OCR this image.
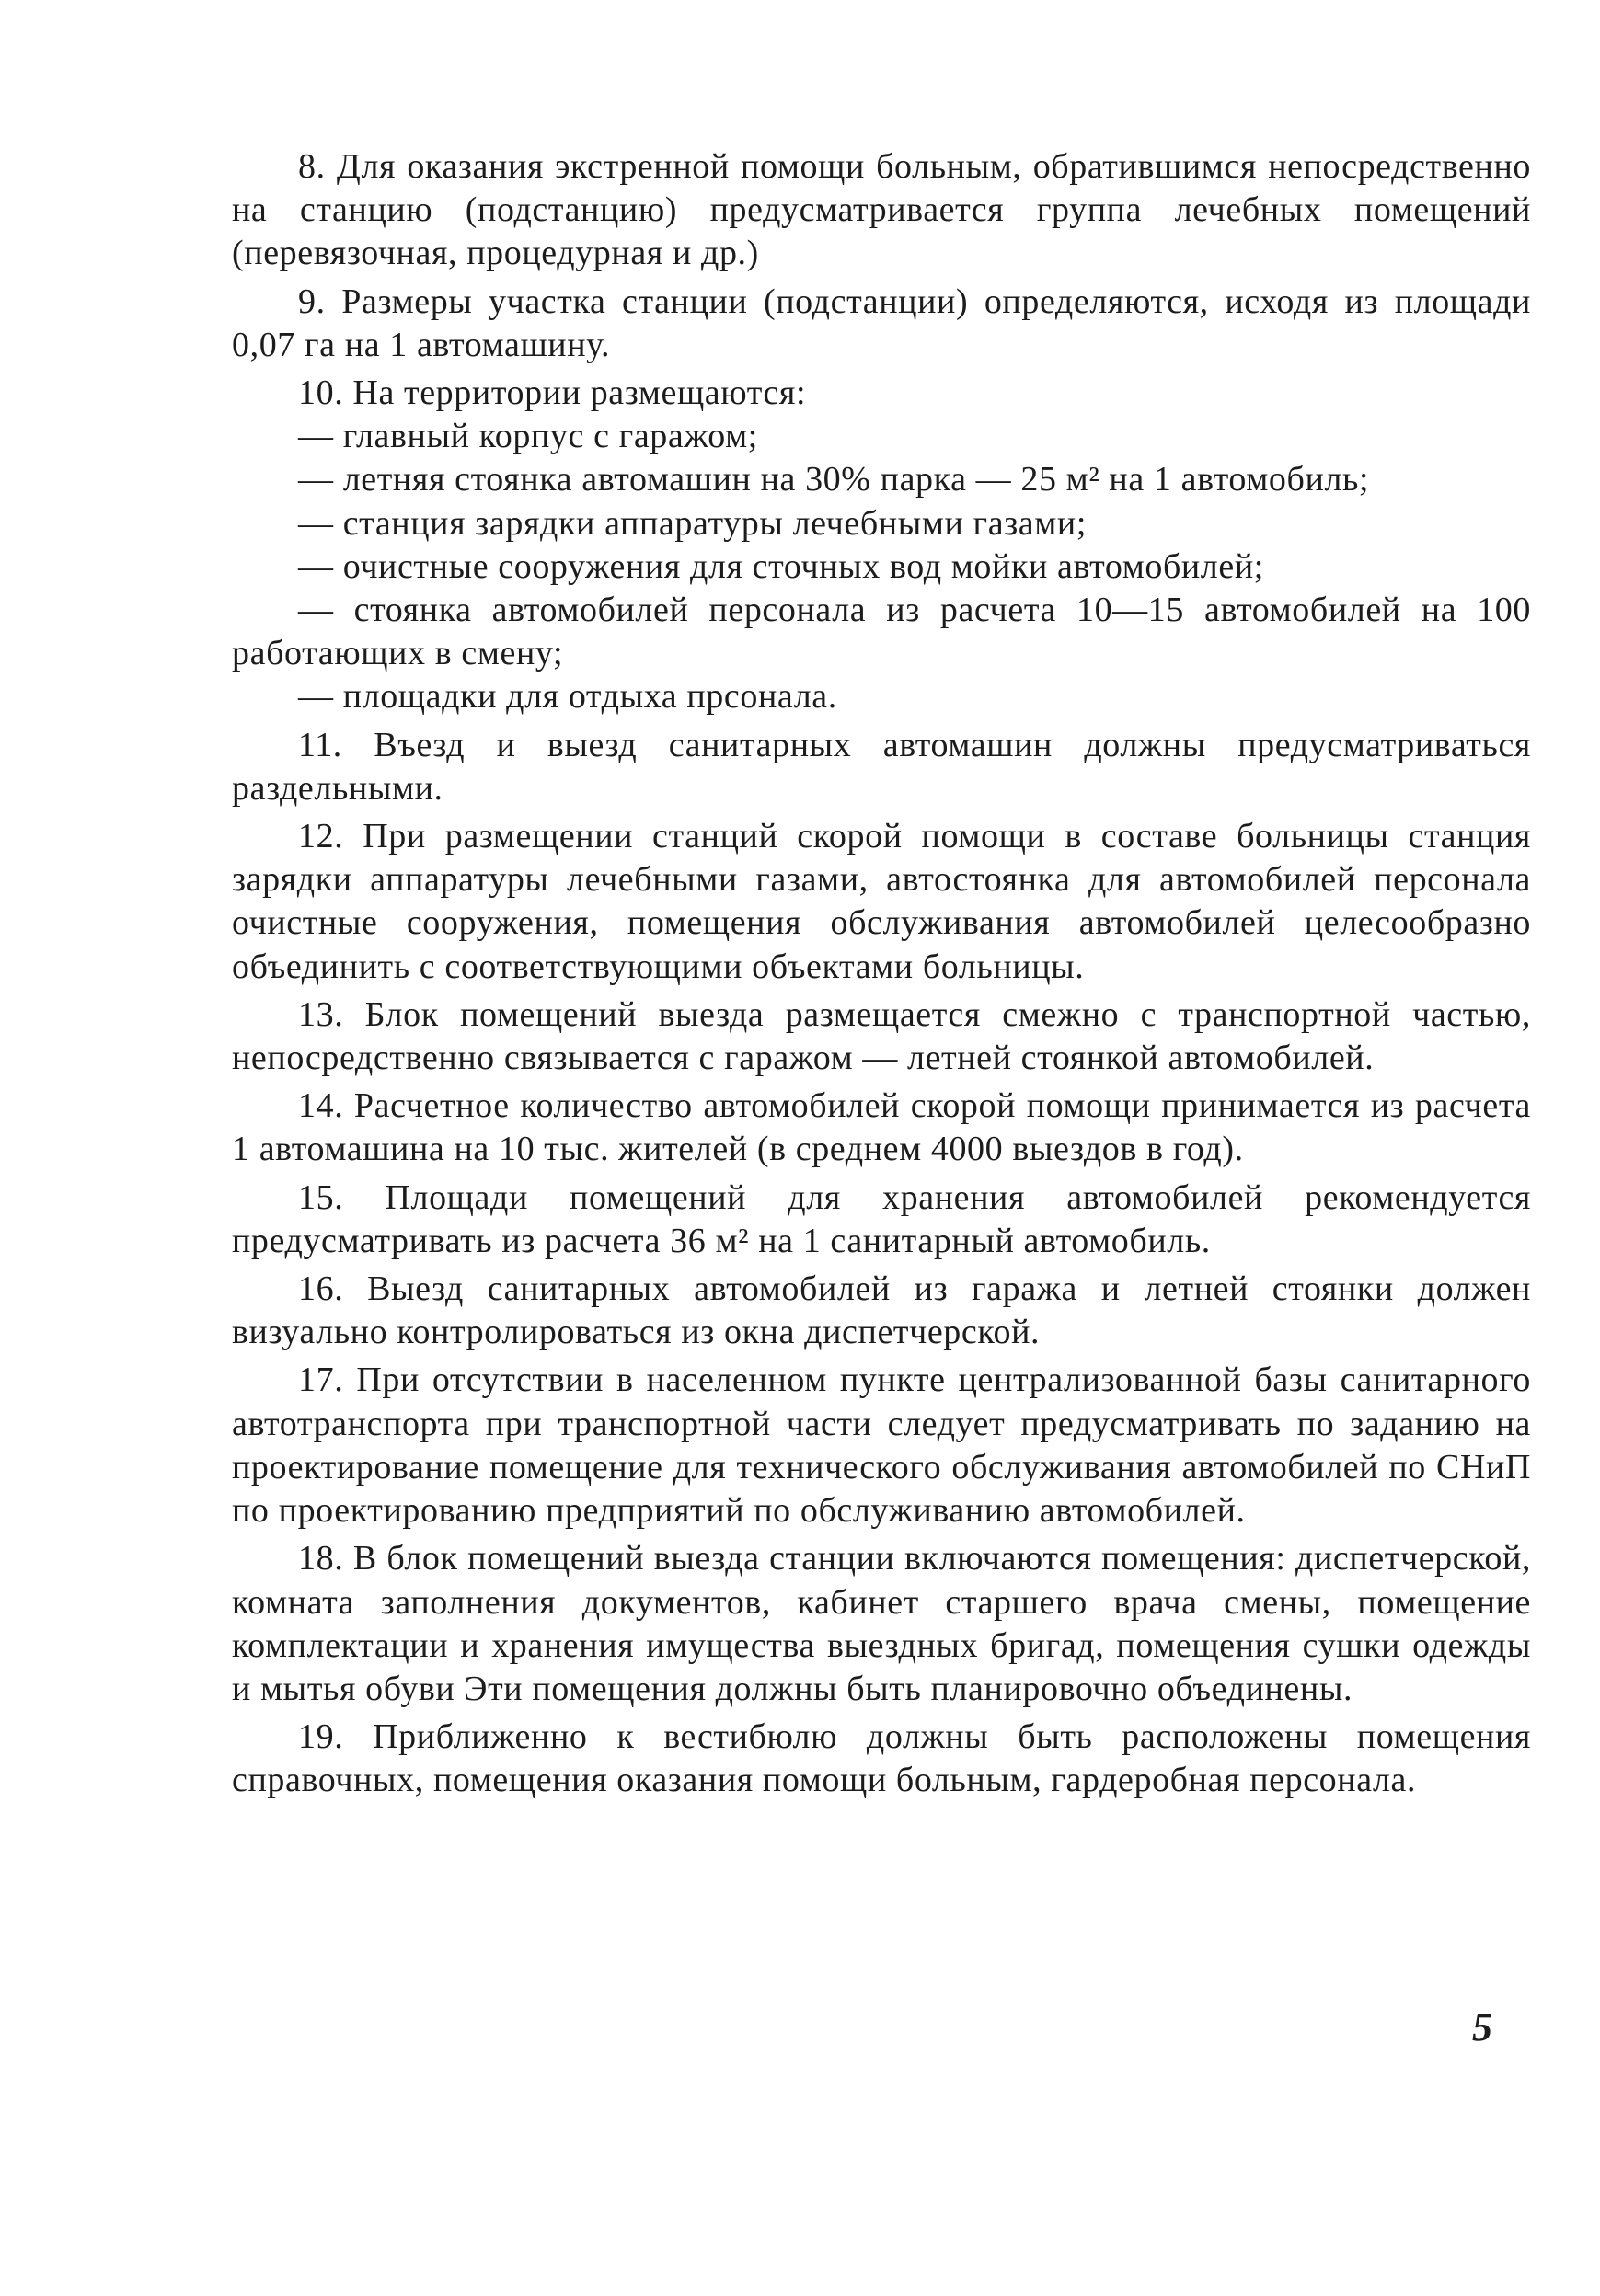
8. Для оказания экстренной помощи больным, обратившимся непосредственно на станцию (подстанцию) предусматривается группа лечебных помещений (перевязочная, процедурная и др.)

9. Размеры участка станции (подстанции) определяются, исходя из площади 0,07 га на 1 автомашину.

10. На территории размещаются:

— главный корпус с гаражом;

— летняя стоянка автомашин на 30% парка — 25 м² на 1 автомобиль;

— станция зарядки аппаратуры лечебными газами;

— очистные сооружения для сточных вод мойки автомобилей;

— стоянка автомобилей персонала из расчета 10—15 автомобилей на 100 работающих в смену;

— площадки для отдыха прсонала.

11. Въезд и выезд санитарных автомашин должны предусматриваться раздельными.

12. При размещении станций скорой помощи в составе больницы станция зарядки аппаратуры лечебными газами, автостоянка для автомобилей персонала очистные сооружения, помещения обслуживания автомобилей целесообразно объединить с соответствующими объектами больницы.

13. Блок помещений выезда размещается смежно с транспортной частью, непосредственно связывается с гаражом — летней стоянкой автомобилей.

14. Расчетное количество автомобилей скорой помощи принимается из расчета 1 автомашина на 10 тыс. жителей (в среднем 4000 выездов в год).

15. Площади помещений для хранения автомобилей рекомендуется предусматривать из расчета 36 м² на 1 санитарный автомобиль.

16. Выезд санитарных автомобилей из гаража и летней стоянки должен визуально контролироваться из окна диспетчерской.

17. При отсутствии в населенном пункте централизованной базы санитарного автотранспорта при транспортной части следует предусматривать по заданию на проектирование помещение для технического обслуживания автомобилей по СНиП по проектированию предприятий по обслуживанию автомобилей.

18. В блок помещений выезда станции включаются помещения: диспетчерской, комната заполнения документов, кабинет старшего врача смены, помещение комплектации и хранения имущества выездных бригад, помещения сушки одежды и мытья обуви Эти помещения должны быть планировочно объединены.

19. Приближенно к вестибюлю должны быть расположены помещения справочных, помещения оказания помощи больным, гардеробная персонала.

5
